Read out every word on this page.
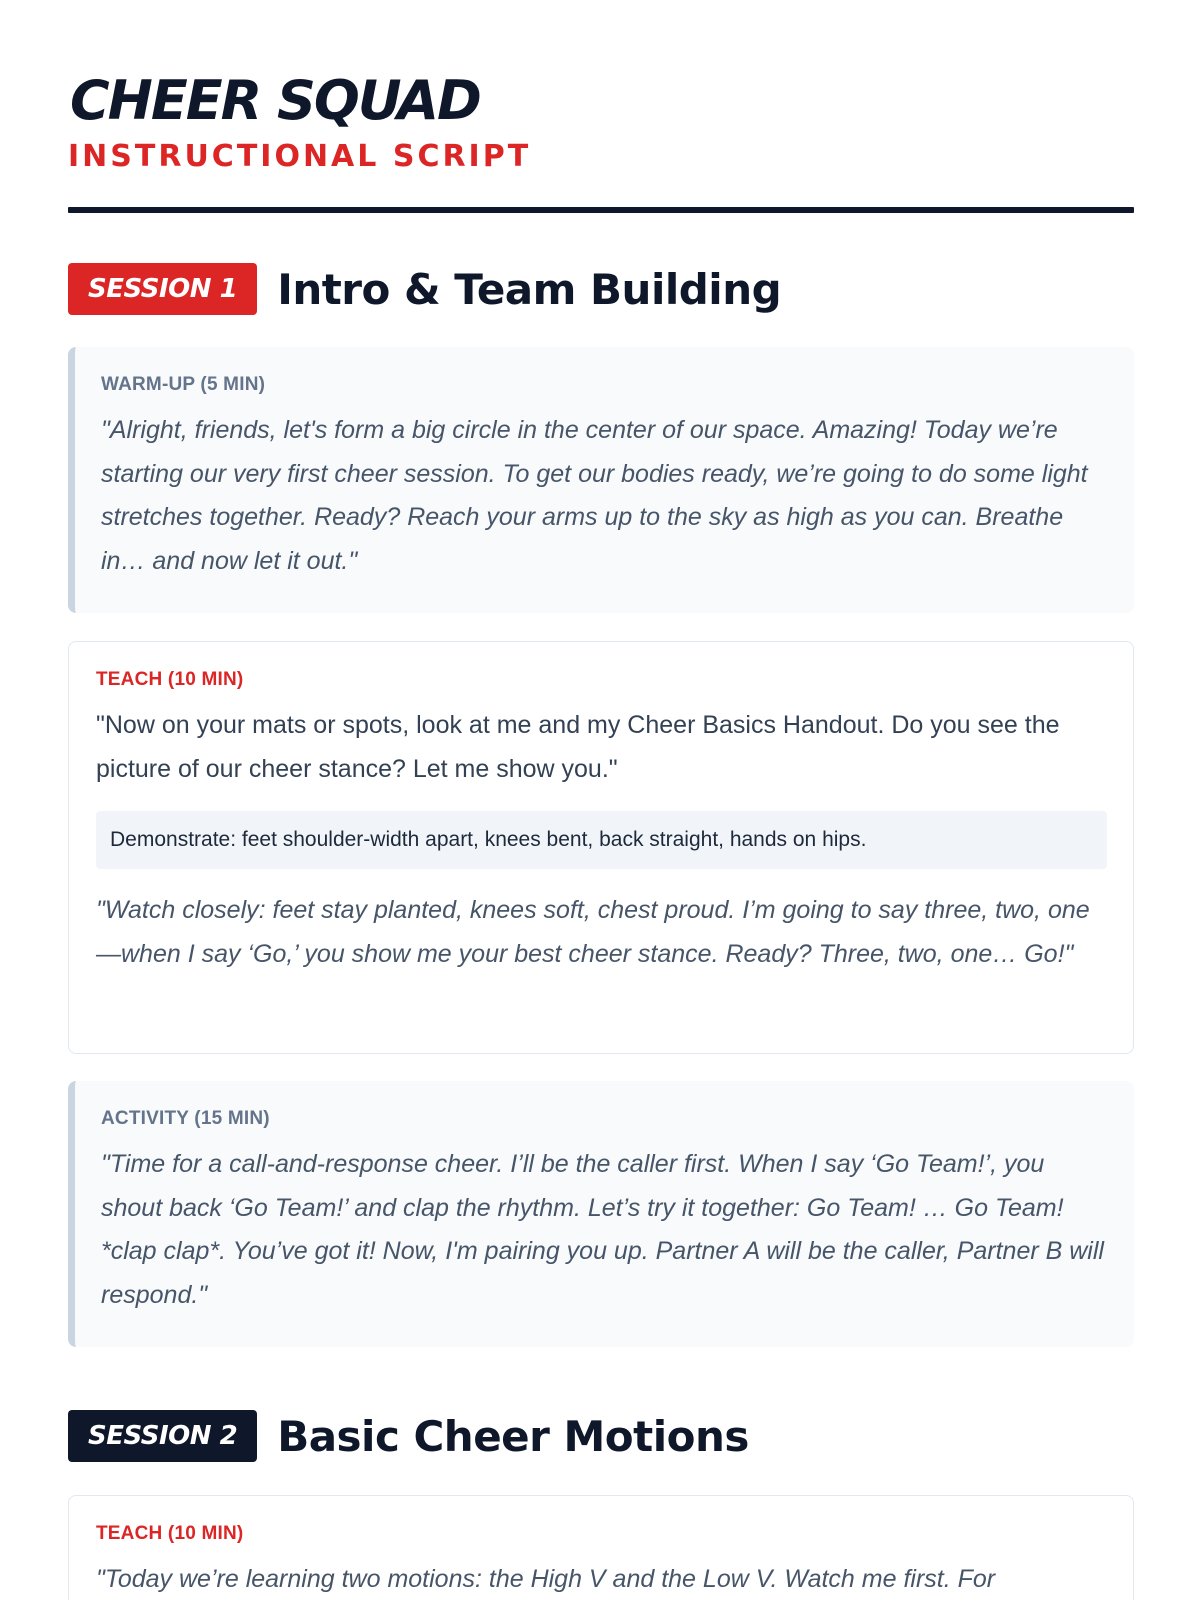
CHEER SQUAD
INSTRUCTIONAL SCRIPT
SESSION 1 Intro & Team Building
WARM-UP (5 MIN)

"Alright, friends, let's form a big circle in the center of our space. Amazing! Today we’re starting our very first cheer session. To get our bodies ready, we’re going to do some light stretches together. Ready? Reach your arms up to the sky as high as you can. Breathe in… and now let it out."

TEACH (10 MIN)

"Now on your mats or spots, look at me and my Cheer Basics Handout. Do you see the picture of our cheer stance? Let me show you."

Demonstrate: feet shoulder-width apart, knees bent, back straight, hands on hips.

"Watch closely: feet stay planted, knees soft, chest proud. I’m going to say three, two, one—when I say ‘Go,’ you show me your best cheer stance. Ready? Three, two, one… Go!"

ACTIVITY (15 MIN)

"Time for a call-and-response cheer. I’ll be the caller first. When I say ‘Go Team!’, you shout back ‘Go Team!’ and clap the rhythm. Let’s try it together: Go Team! … Go Team! *clap clap*. You’ve got it! Now, I'm pairing you up. Partner A will be the caller, Partner B will respond."

SESSION 2 Basic Cheer Motions
TEACH (10 MIN)

"Today we’re learning two motions: the High V and the Low V. Watch me first. For
